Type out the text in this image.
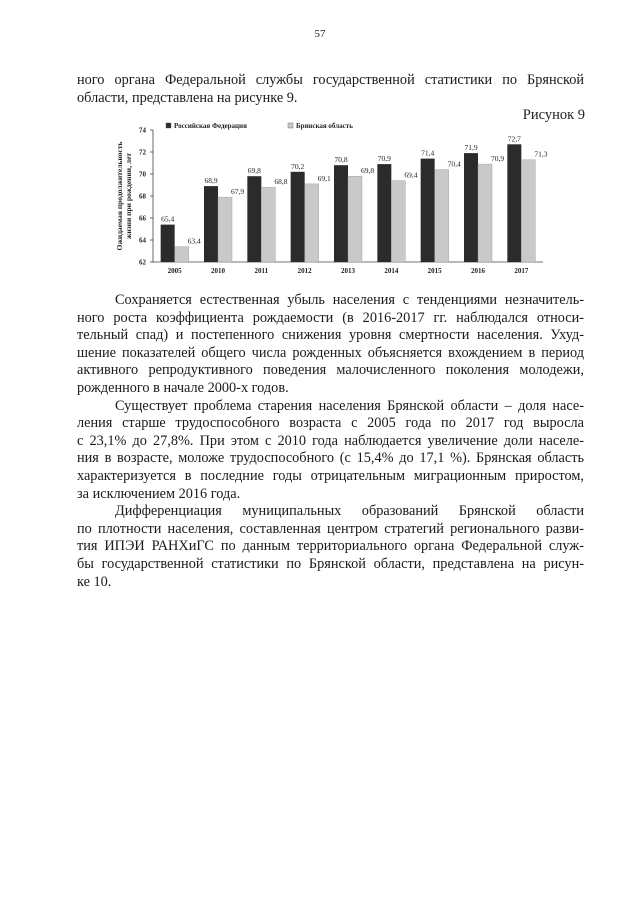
57
ного органа Федеральной службы государственной статистики по Брянской
области, представлена на рисунке 9.
Рисунок 9
Ожидаемая продолжительность жизни при рождении, лет
62
64
66
68
70
72
74
Российская Федерация	Брянская область
65,4
63,4
2005
68,9
67,9
2010
69,8
68,8
2011
70,2
69,1
2012
70,8
69,8
2013
70,9
69,4
2014
71,4
70,4
2015
71,9
70,9
2016
72,7
71,3
2017
Сохраняется естественная убыль населения с тенденциями незначитель-
ного роста коэффициента рождаемости (в 2016-2017 гг. наблюдался относи-
тельный спад) и постепенного снижения уровня смертности населения. Ухуд-
шение показателей общего числа рожденных объясняется вхождением в период
активного репродуктивного поведения малочисленного поколения молодежи,
рожденного в начале 2000-х годов.
Существует проблема старения населения Брянской области – доля насе-
ления старше трудоспособного возраста с 2005 года по 2017 год выросла
с 23,1% до 27,8%. При этом с 2010 года наблюдается увеличение доли населе-
ния в возрасте, моложе трудоспособного (с 15,4% до 17,1 %). Брянская область
характеризуется в последние годы отрицательным миграционным приростом,
за исключением 2016 года.
Дифференциация муниципальных образований Брянской области
по плотности населения, составленная центром стратегий регионального разви-
тия ИПЭИ РАНХиГС по данным территориального органа Федеральной служ-
бы государственной статистики по Брянской области, представлена на рисун-
ке 10.
